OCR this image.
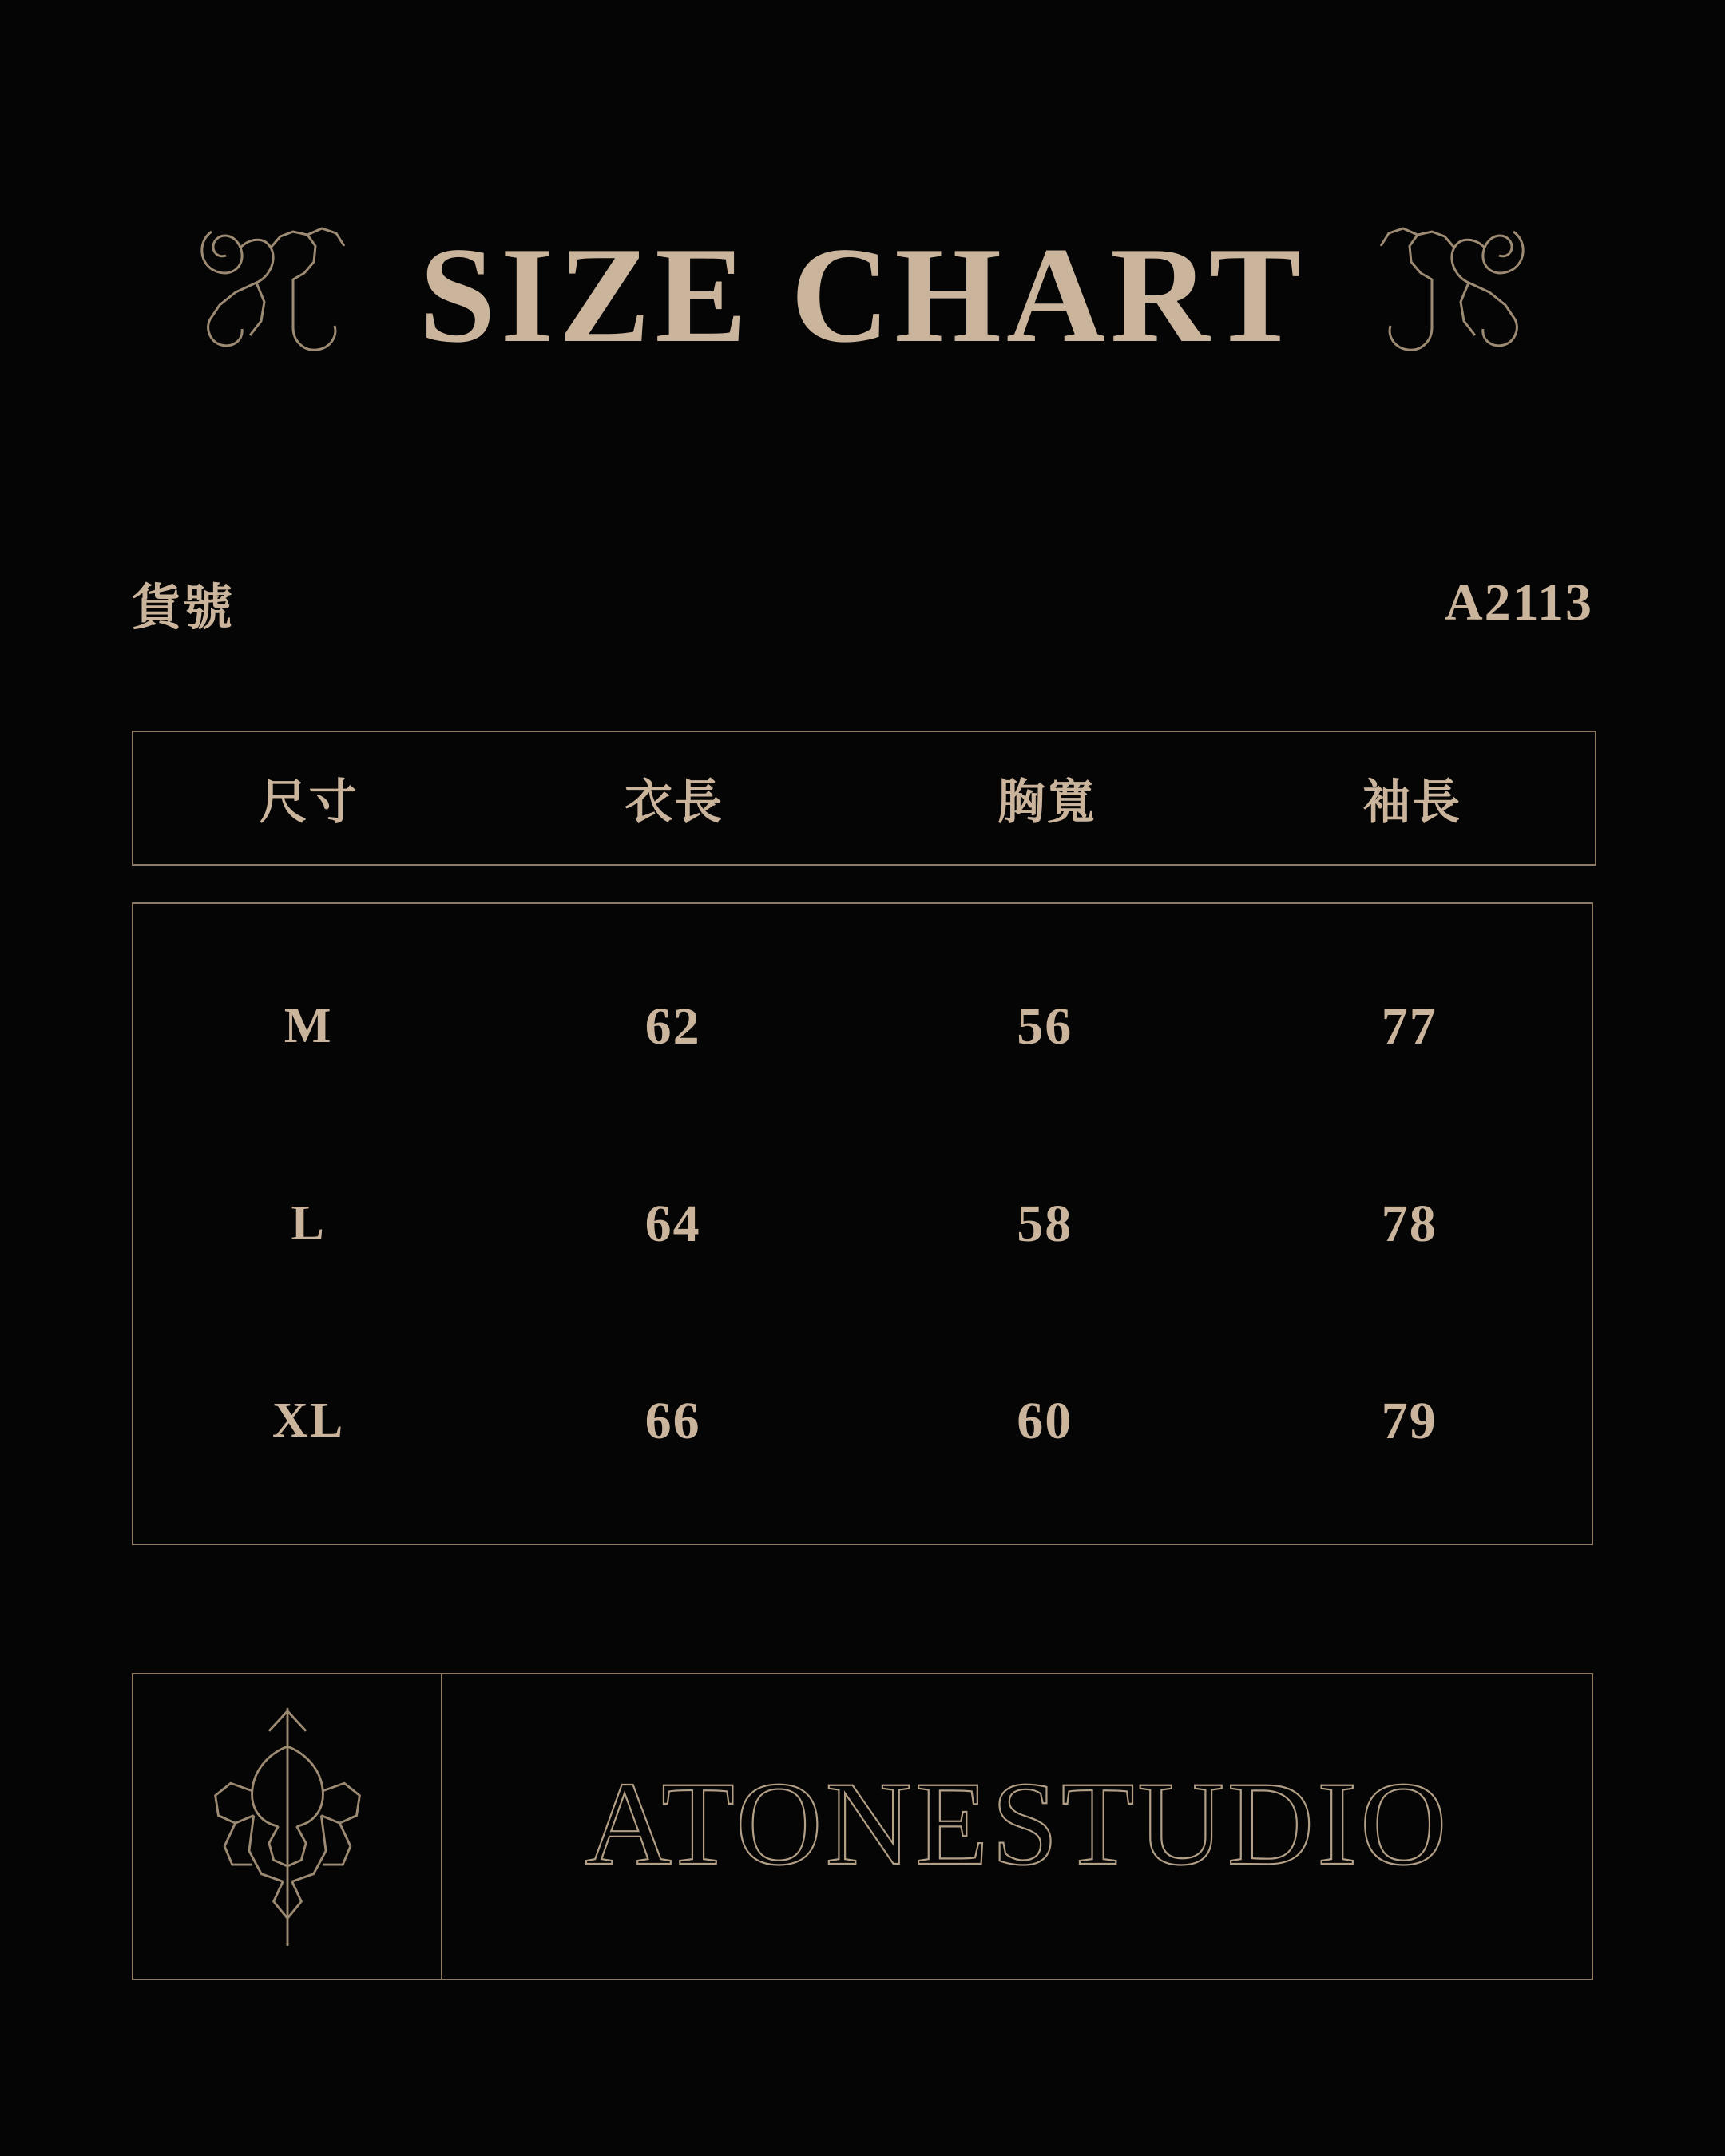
SIZE CHART
貨號	A2113
尺寸	衣長	胸寬	袖長
M	62	56	77
L	64	58	78
XL	66	60	79
ATONESTUDIO
